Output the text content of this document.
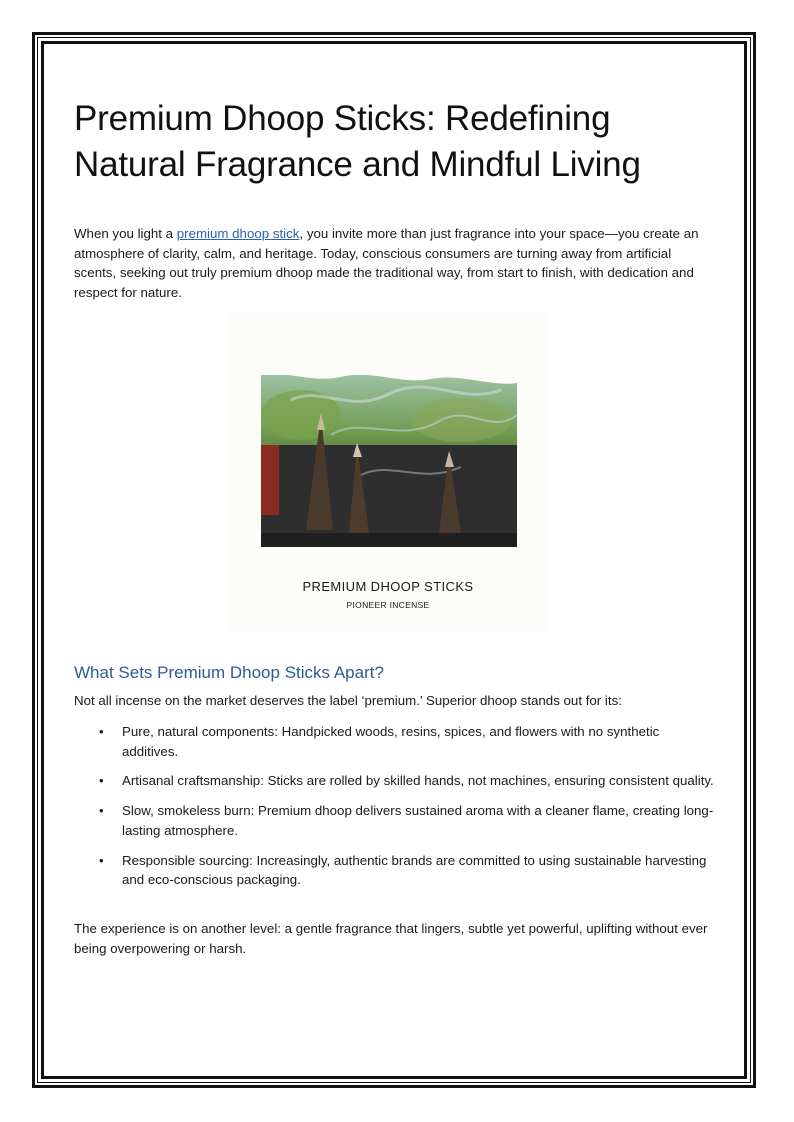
Premium Dhoop Sticks: Redefining Natural Fragrance and Mindful Living

When you light a premium dhoop stick, you invite more than just fragrance into your space—you create an atmosphere of clarity, calm, and heritage. Today, conscious consumers are turning away from artificial scents, seeking out truly premium dhoop made the traditional way, from start to finish, with dedication and respect for nature.

PREMIUM DHOOP STICKS
PIONEER INCENSE
What Sets Premium Dhoop Sticks Apart?

Not all incense on the market deserves the label ‘premium.’ Superior dhoop stands out for its:

• Pure, natural components: Handpicked woods, resins, spices, and flowers with no synthetic additives.
• Artisanal craftsmanship: Sticks are rolled by skilled hands, not machines, ensuring consistent quality.
• Slow, smokeless burn: Premium dhoop delivers sustained aroma with a cleaner flame, creating long-lasting atmosphere.
• Responsible sourcing: Increasingly, authentic brands are committed to using sustainable harvesting and eco-conscious packaging.

The experience is on another level: a gentle fragrance that lingers, subtle yet powerful, uplifting without ever being overpowering or harsh.
